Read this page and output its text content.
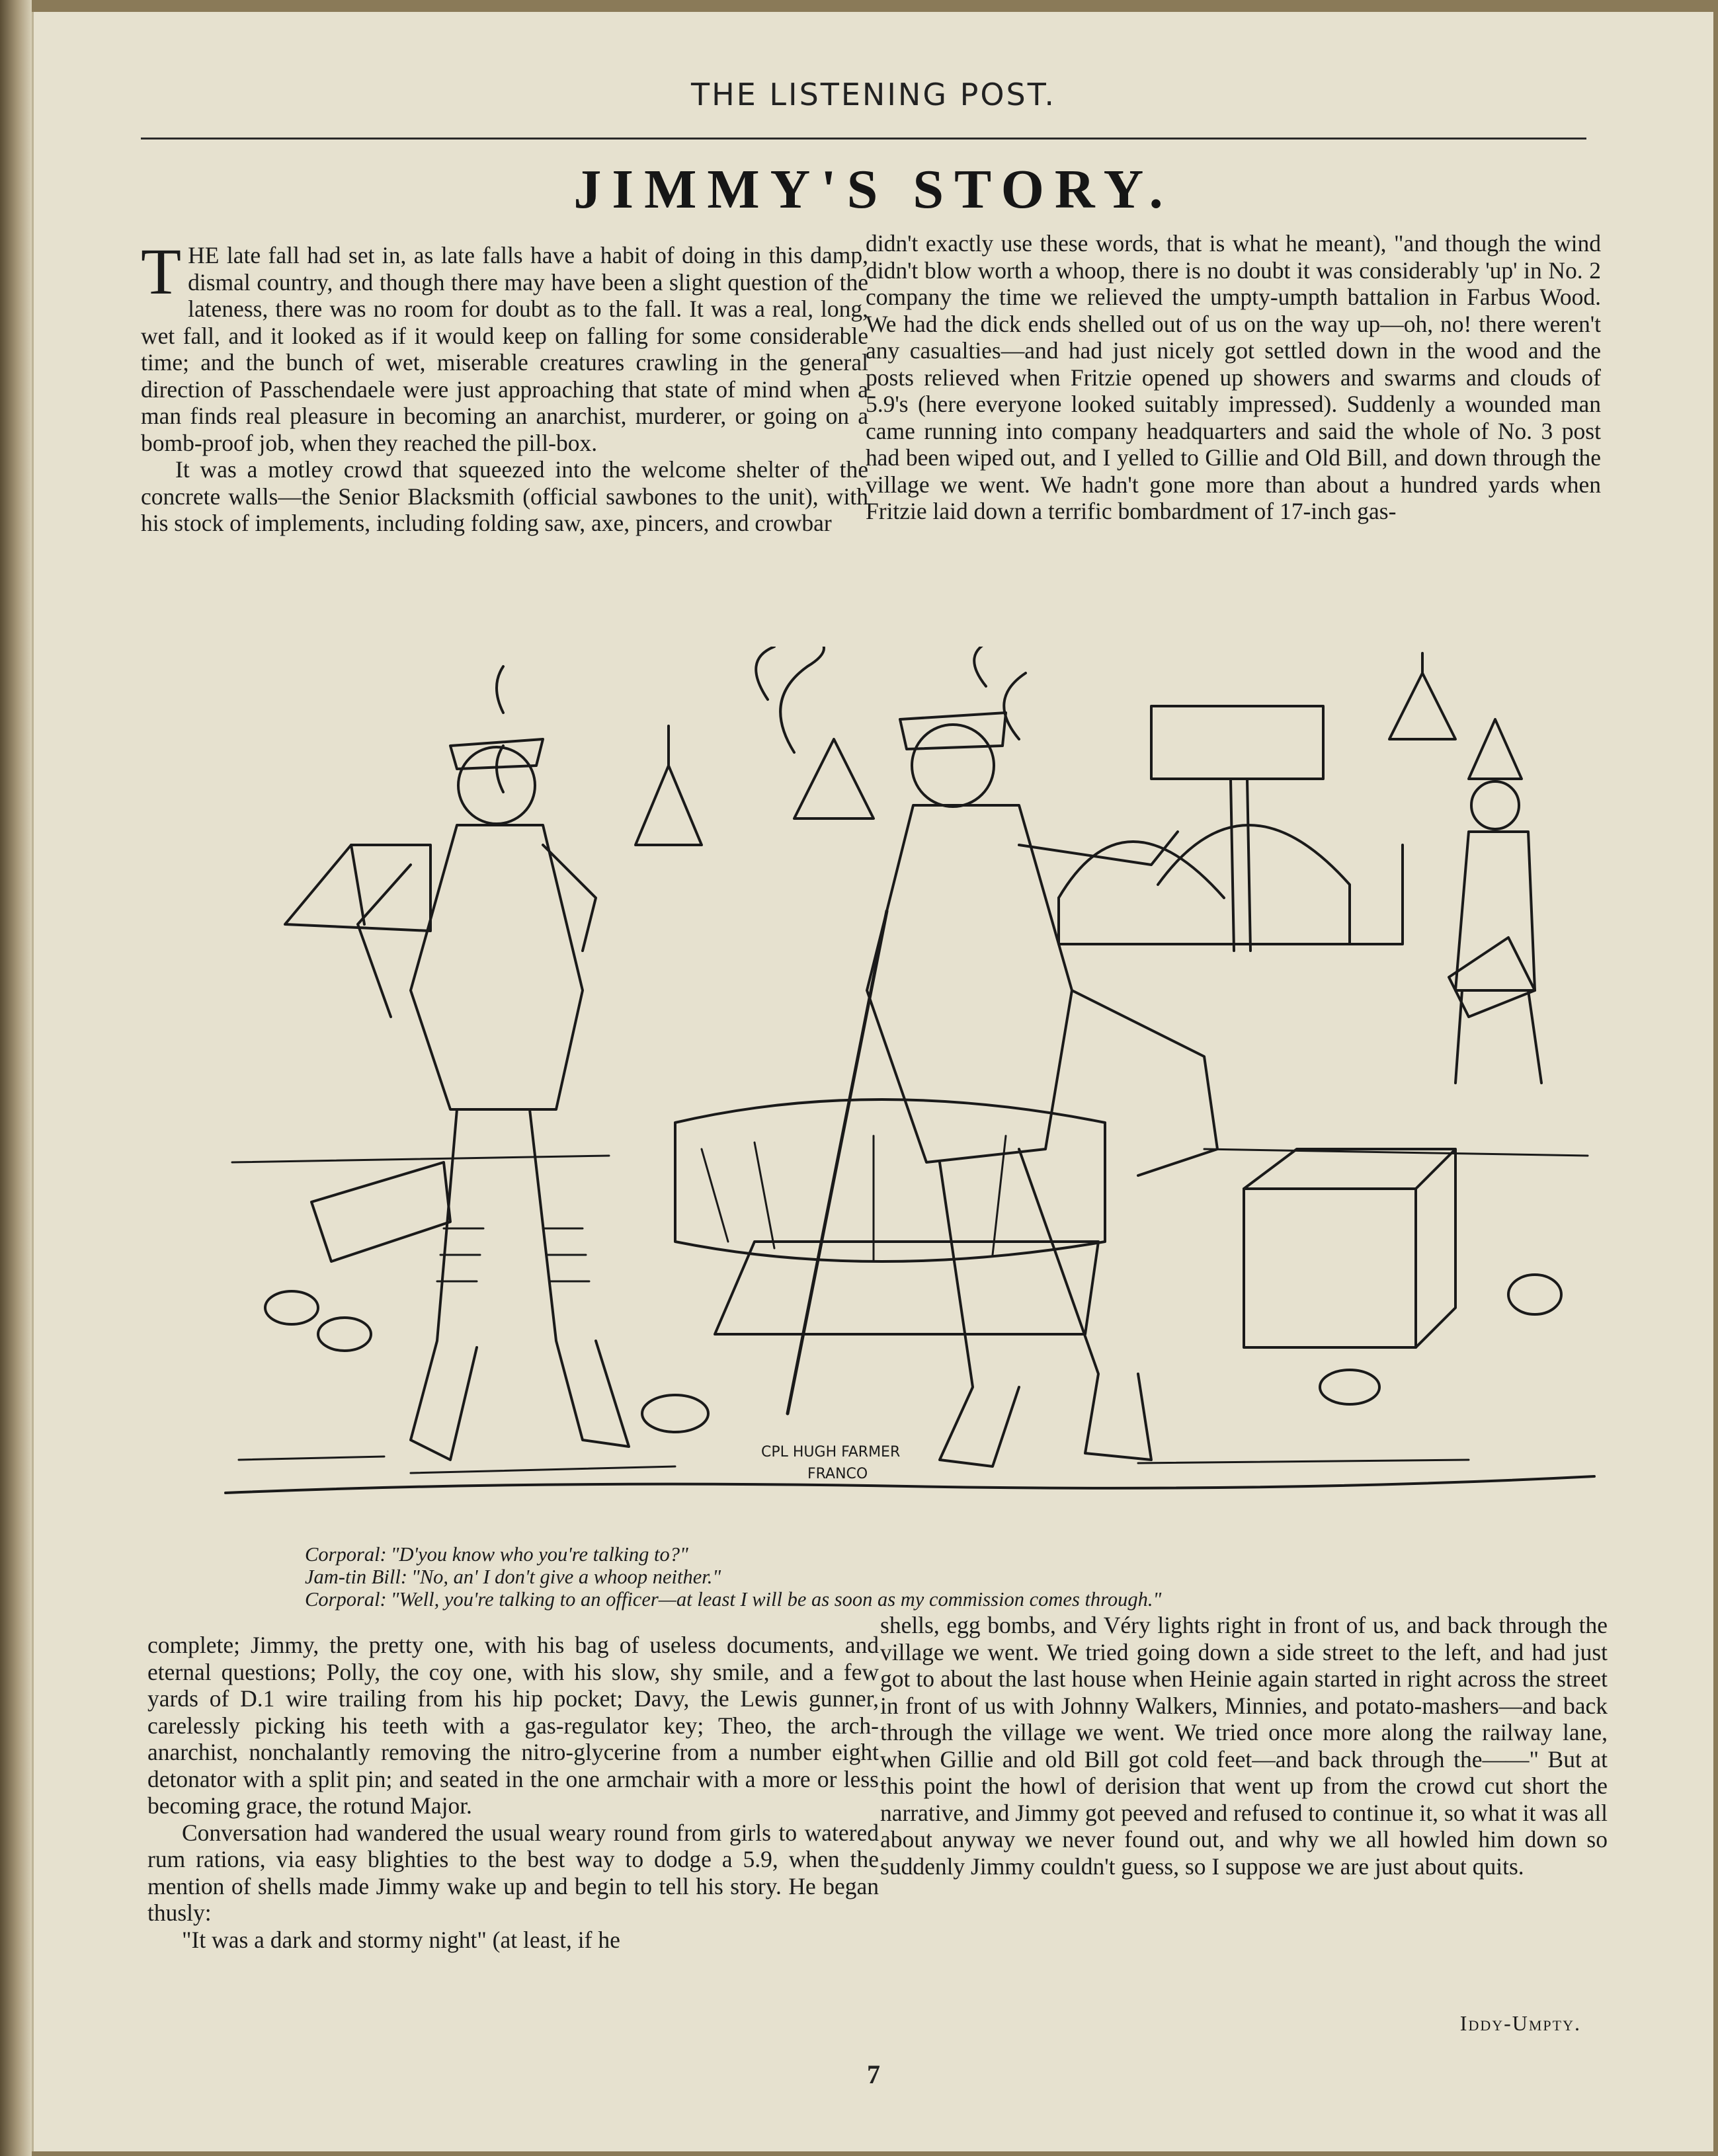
THE LISTENING POST.
JIMMY'S STORY.

THE late fall had set in, as late falls have a habit of doing in this damp, dismal country, and though there may have been a slight question of the lateness, there was no room for doubt as to the fall. It was a real, long, wet fall, and it looked as if it would keep on falling for some considerable time; and the bunch of wet, miserable creatures crawling in the general direction of Passchendaele were just approaching that state of mind when a man finds real pleasure in becoming an anarchist, murderer, or going on a bomb-proof job, when they reached the pill-box.

It was a motley crowd that squeezed into the welcome shelter of the concrete walls—the Senior Blacksmith (official sawbones to the unit), with his stock of implements, including folding saw, axe, pincers, and crowbar

didn't exactly use these words, that is what he meant), "and though the wind didn't blow worth a whoop, there is no doubt it was considerably 'up' in No. 2 company the time we relieved the umpty-umpth battalion in Farbus Wood. We had the dick ends shelled out of us on the way up—oh, no! there weren't any casualties—and had just nicely got settled down in the wood and the posts relieved when Fritzie opened up showers and swarms and clouds of 5.9's (here everyone looked suitably impressed). Suddenly a wounded man came running into company headquarters and said the whole of No. 3 post had been wiped out, and I yelled to Gillie and Old Bill, and down through the village we went. We hadn't gone more than about a hundred yards when Fritzie laid down a terrific bombardment of 17-inch gas-

CPL HUGH FARMER
FRANCO
Corporal: "D'you know who you're talking to?"
Jam-tin Bill: "No, an' I don't give a whoop neither."
Corporal: "Well, you're talking to an officer—at least I will be as soon as my commission comes through."

complete; Jimmy, the pretty one, with his bag of useless documents, and eternal questions; Polly, the coy one, with his slow, shy smile, and a few yards of D.1 wire trailing from his hip pocket; Davy, the Lewis gunner, carelessly picking his teeth with a gas-regulator key; Theo, the arch-anarchist, nonchalantly removing the nitro-glycerine from a number eight detonator with a split pin; and seated in the one armchair with a more or less becoming grace, the rotund Major.

Conversation had wandered the usual weary round from girls to watered rum rations, via easy blighties to the best way to dodge a 5.9, when the mention of shells made Jimmy wake up and begin to tell his story. He began thusly:

"It was a dark and stormy night" (at least, if he

shells, egg bombs, and Véry lights right in front of us, and back through the village we went. We tried going down a side street to the left, and had just got to about the last house when Heinie again started in right across the street in front of us with Johnny Walkers, Minnies, and potato-mashers—and back through the village we went. We tried once more along the railway lane, when Gillie and old Bill got cold feet—and back through the——" But at this point the howl of derision that went up from the crowd cut short the narrative, and Jimmy got peeved and refused to continue it, so what it was all about anyway we never found out, and why we all howled him down so suddenly Jimmy couldn't guess, so I suppose we are just about quits.

Iddy-Umpty.
7
